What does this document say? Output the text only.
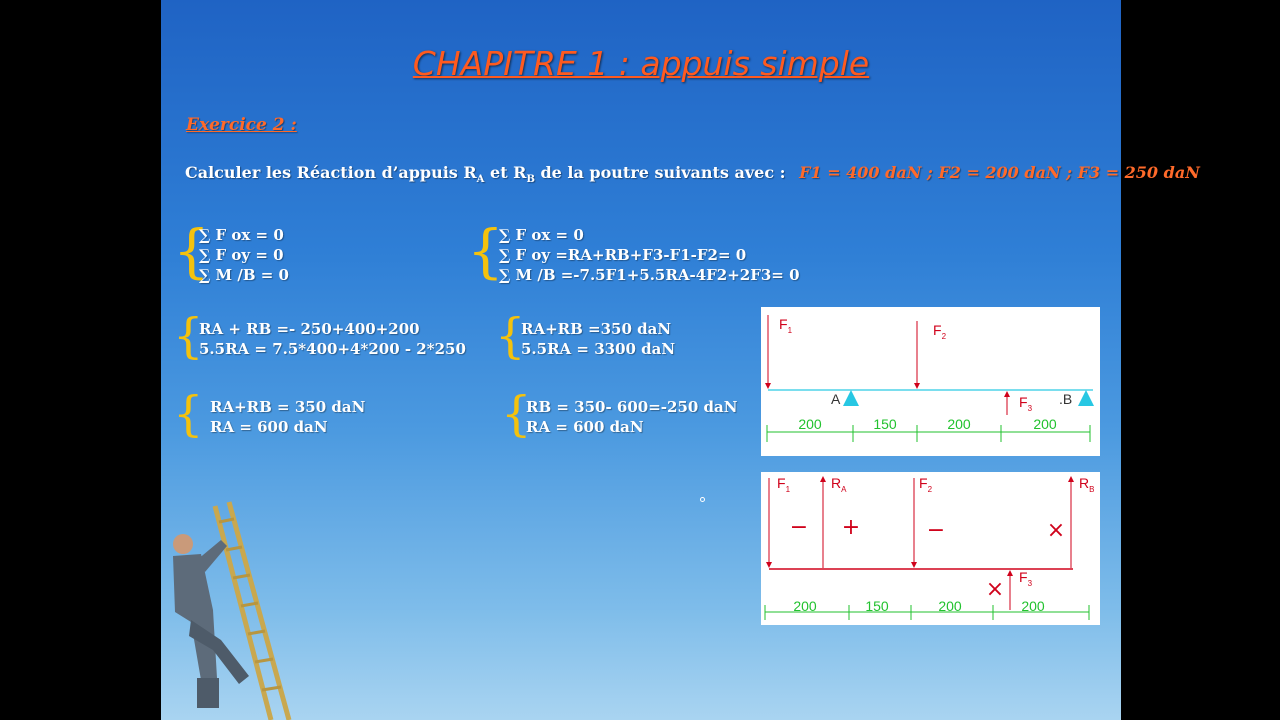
CHAPITRE 1 : appuis simple
Exercice 2 :
Calculer les Réaction d’appuis $R_A$ et $R_B$ de la poutre suivants avec : F1 = 400 daN ; F2 = 200 daN ; F3 = 250 daN
{
∑ F ox = 0
∑ F oy = 0
∑ M /B = 0	{
∑ F ox = 0
∑ F oy =RA+RB+F3-F1-F2= 0
∑ M /B =-7.5F1+5.5RA-4F2+2F3= 0
{
RA + RB =- 250+400+200
5.5RA = 7.5*400+4*200 - 2*250 {
RA+RB =350 daN
5.5RA = 3300 daN
{ RA+RB = 350 daN
RA = 600 daN	{
RB = 350- 600=-250 daN
RA = 600 daN
$F_1$	$F_2$
$F_3$
A	.B
200	150	200	200
$F_1$	$R_A$	$F_2$	$R_B$
$F_3$
− +	−	×
×
200	150	200	200
